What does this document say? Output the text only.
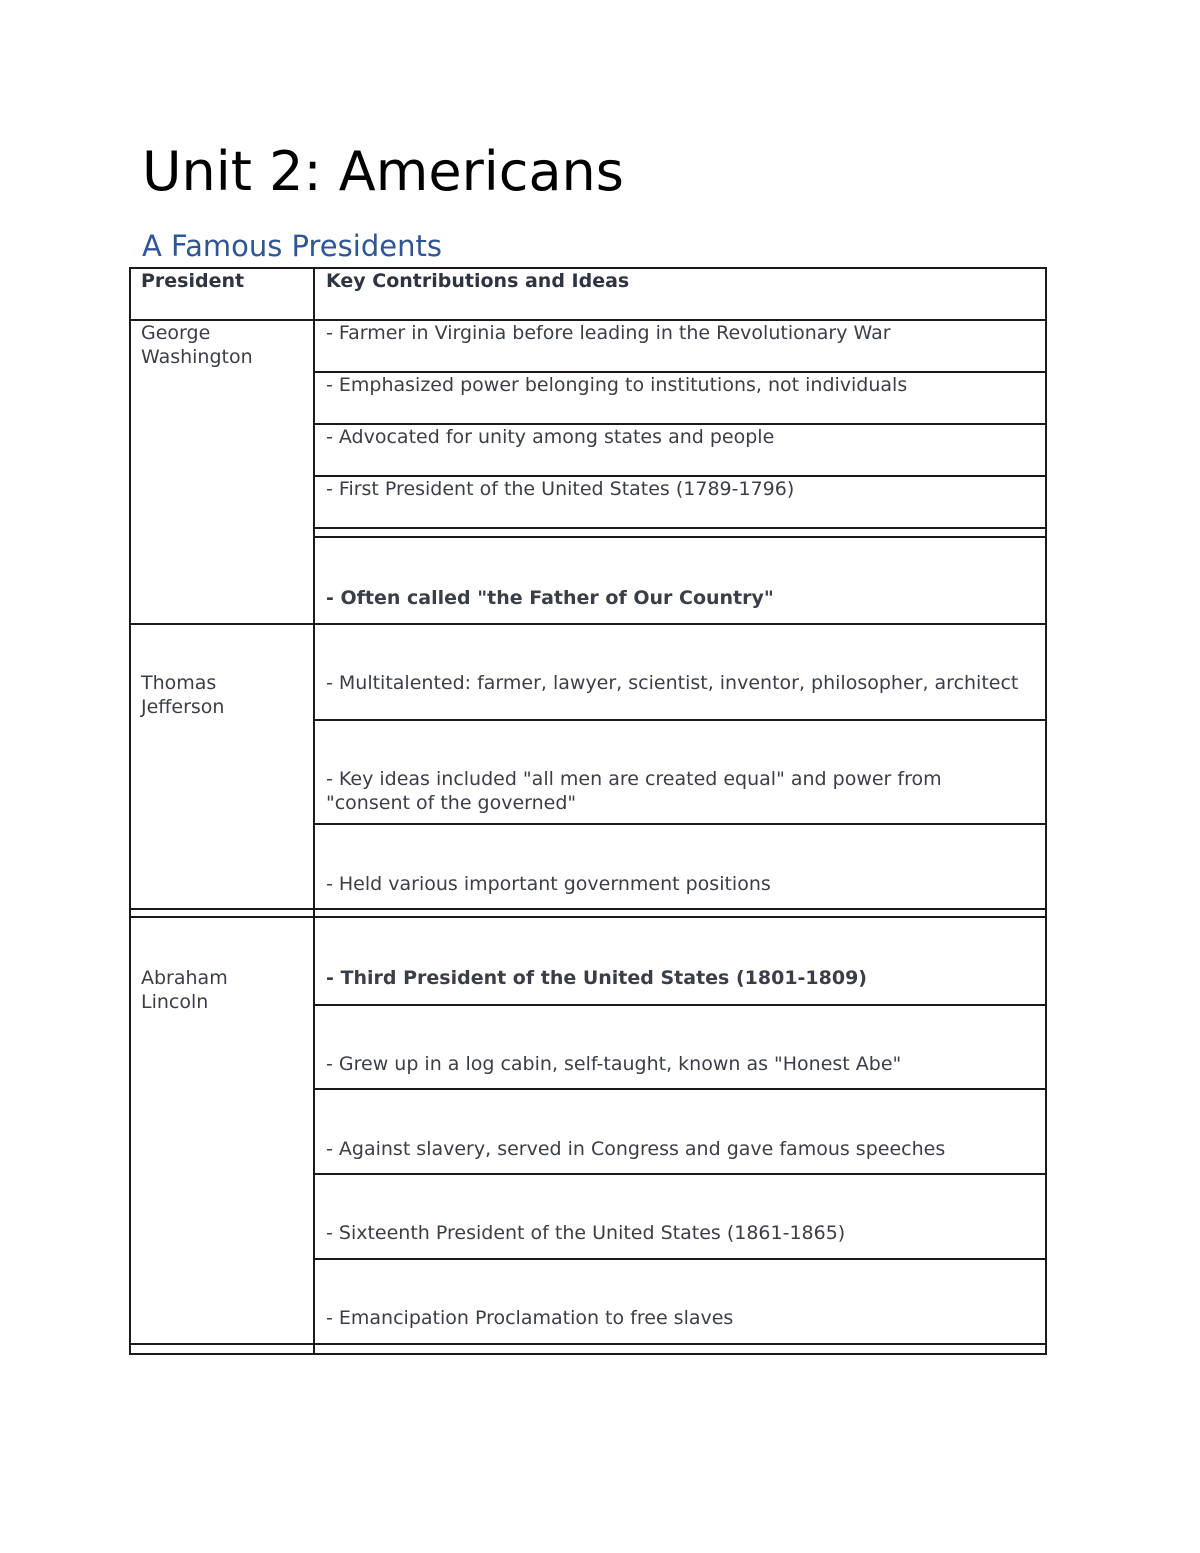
Unit 2: Americans
A Famous Presidents
President	Key Contributions and Ideas
George Washington
Thomas Jefferson
Abraham Lincoln
- Farmer in Virginia before leading in the Revolutionary War
- Emphasized power belonging to institutions, not individuals
- Advocated for unity among states and people
- First President of the United States (1789-1796)
- Often called "the Father of Our Country"
- Multitalented: farmer, lawyer, scientist, inventor, philosopher, architect
- Key ideas included "all men are created equal" and power from "consent of the governed"
- Held various important government positions
- Third President of the United States (1801-1809)
- Grew up in a log cabin, self-taught, known as "Honest Abe"
- Against slavery, served in Congress and gave famous speeches
- Sixteenth President of the United States (1861-1865)
- Emancipation Proclamation to free slaves
